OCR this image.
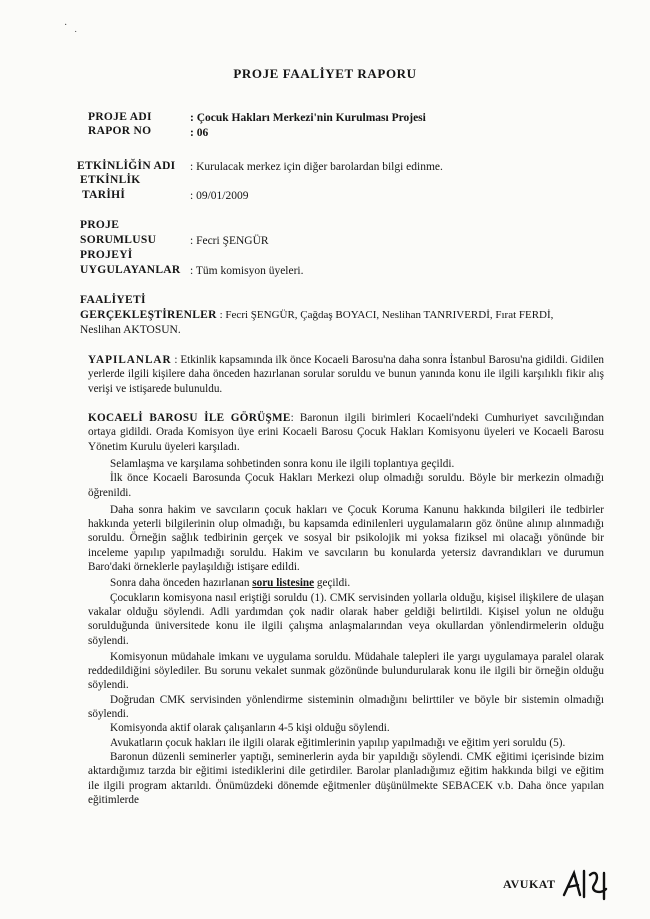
·
˙
PROJE FAALİYET RAPORU
PROJE ADI	: Çocuk Hakları Merkezi'nin Kurulması Projesi
RAPOR NO	: 06
ETKİNLİĞİN ADI : Kurulacak merkez için diğer barolardan bilgi edinme.
ETKİNLİK
TARİHİ	: 09/01/2009
PROJE
SORUMLUSU	: Fecri ŞENGÜR
PROJEYİ
UYGULAYANLAR : Tüm komisyon üyeleri.
FAALİYETİ
GERÇEKLEŞTİRENLER : Fecri ŞENGÜR, Çağdaş BOYACI, Neslihan TANRIVERDİ, Fırat FERDİ,
Neslihan AKTOSUN.

YAPILANLAR : Etkinlik kapsamında ilk önce Kocaeli Barosu'na daha sonra İstanbul Barosu'na gidildi. Gidilen yerlerde ilgili kişilere daha önceden hazırlanan sorular soruldu ve bunun yanında konu ile ilgili karşılıklı fikir alış verişi ve istişarede bulunuldu.

KOCAELİ BAROSU İLE GÖRÜŞME: Baronun ilgili birimleri Kocaeli'ndeki Cumhuriyet savcılığından ortaya gidildi. Orada Komisyon üye erini Kocaeli Barosu Çocuk Hakları Komisyonu üyeleri ve Kocaeli Barosu Yönetim Kurulu üyeleri karşıladı.

Selamlaşma ve karşılama sohbetinden sonra konu ile ilgili toplantıya geçildi.

İlk önce Kocaeli Barosunda Çocuk Hakları Merkezi olup olmadığı soruldu. Böyle bir merkezin olmadığı öğrenildi.

Daha sonra hakim ve savcıların çocuk hakları ve Çocuk Koruma Kanunu hakkında bilgileri ile tedbirler hakkında yeterli bilgilerinin olup olmadığı, bu kapsamda edinilenleri uygulamaların göz önüne alınıp alınmadığı soruldu. Örneğin sağlık tedbirinin gerçek ve sosyal bir psikolojik mi yoksa fiziksel mi olacağı yönünde bir inceleme yapılıp yapılmadığı soruldu. Hakim ve savcıların bu konularda yetersiz davrandıkları ve durumun Baro'daki örneklerle paylaşıldığı istişare edildi.

Sonra daha önceden hazırlanan soru listesine geçildi.

Çocukların komisyona nasıl eriştiği soruldu (1). CMK servisinden yollarla olduğu, kişisel ilişkilere de ulaşan vakalar olduğu söylendi. Adli yardımdan çok nadir olarak haber geldiği belirtildi. Kişisel yolun ne olduğu sorulduğunda üniversitede konu ile ilgili çalışma anlaşmalarından veya okullardan yönlendirmelerin olduğu söylendi.

Komisyonun müdahale imkanı ve uygulama soruldu. Müdahale talepleri ile yargı uygulamaya paralel olarak reddedildiğini söylediler. Bu sorunu vekalet sunmak gözönünde bulundurularak konu ile ilgili bir örneğin olduğu söylendi.

Doğrudan CMK servisinden yönlendirme sisteminin olmadığını belirttiler ve böyle bir sistemin olmadığı söylendi.

Komisyonda aktif olarak çalışanların 4-5 kişi olduğu söylendi.

Avukatların çocuk hakları ile ilgili olarak eğitimlerinin yapılıp yapılmadığı ve eğitim yeri soruldu (5).

Baronun düzenli seminerler yaptığı, seminerlerin ayda bir yapıldığı söylendi. CMK eğitimi içerisinde bizim aktardığımız tarzda bir eğitimi istediklerini dile getirdiler. Barolar planladığımız eğitim hakkında bilgi ve eğitim ile ilgili program aktarıldı. Önümüzdeki dönemde eğitmenler düşünülmekte SEBACEK v.b. Daha önce yapılan eğitimlerde

AVUKAT
